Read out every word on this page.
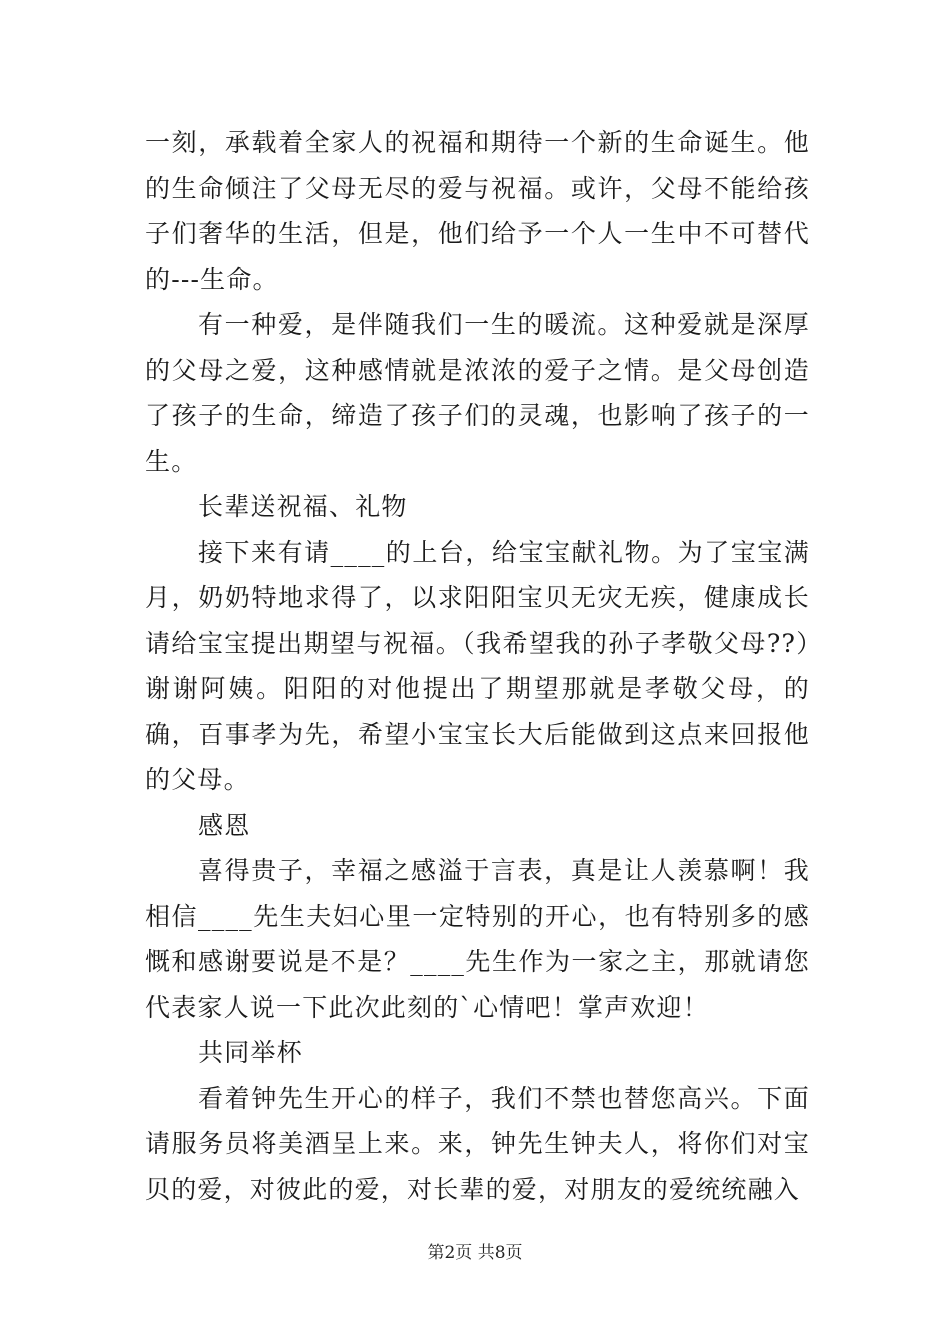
一刻，承载着全家人的祝福和期待一个新的生命诞生。他的生命倾注了父母无尽的爱与祝福。或许，父母不能给孩子们奢华的生活，但是，他们给予一个人一生中不可替代的---生命。

有一种爱，是伴随我们一生的暖流。这种爱就是深厚的父母之爱，这种感情就是浓浓的爱子之情。是父母创造了孩子的生命，缔造了孩子们的灵魂，也影响了孩子的一生。

长辈送祝福、礼物

接下来有请____的上台，给宝宝献礼物。为了宝宝满月，奶奶特地求得了，以求阳阳宝贝无灾无疾，健康成长请给宝宝提出期望与祝福。（我希望我的孙子孝敬父母??）谢谢阿姨。阳阳的对他提出了期望那就是孝敬父母，的确，百事孝为先，希望小宝宝长大后能做到这点来回报他的父母。

感恩

喜得贵子，幸福之感溢于言表，真是让人羡慕啊！我相信____先生夫妇心里一定特别的开心，也有特别多的感慨和感谢要说是不是？____先生作为一家之主，那就请您代表家人说一下此次此刻的`心情吧！掌声欢迎！

共同举杯

看着钟先生开心的样子，我们不禁也替您高兴。下面请服务员将美酒呈上来。来，钟先生钟夫人，将你们对宝贝的爱，对彼此的爱，对长辈的爱，对朋友的爱统统融入

第2页 共8页
